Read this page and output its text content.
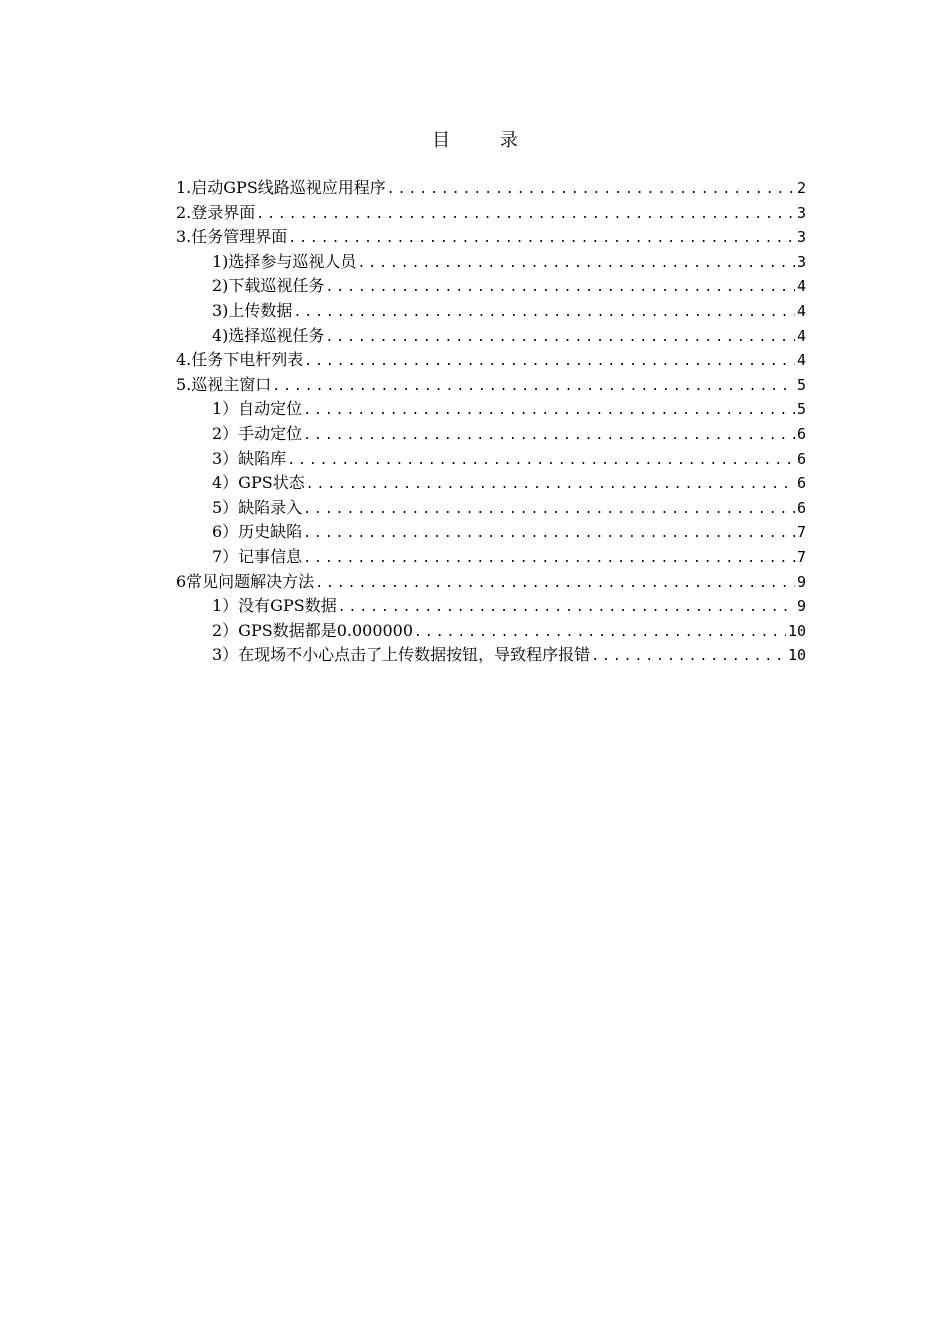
目 录
1.启动GPS线路巡视应用程序 .....	2
2.登录界面 .....	3
3.任务管理界面 .....	3
1)选择参与巡视人员 .....	3
2)下载巡视任务 .....	4
3)上传数据 .....	4
4)选择巡视任务 .....	4
4.任务下电杆列表 .....	4
5.巡视主窗口 .....	5
1）自动定位 .....	5
2）手动定位 .....	6
3）缺陷库 .....	6
4）GPS状态 .....	6
5）缺陷录入 .....	6
6）历史缺陷 .....	7
7）记事信息 .....	7
6常见问题解决方法 .....	9
1）没有GPS数据 .....	9
2）GPS数据都是0.000000 .....	10
3）在现场不小心点击了上传数据按钮，导致程序报错 .....	10
